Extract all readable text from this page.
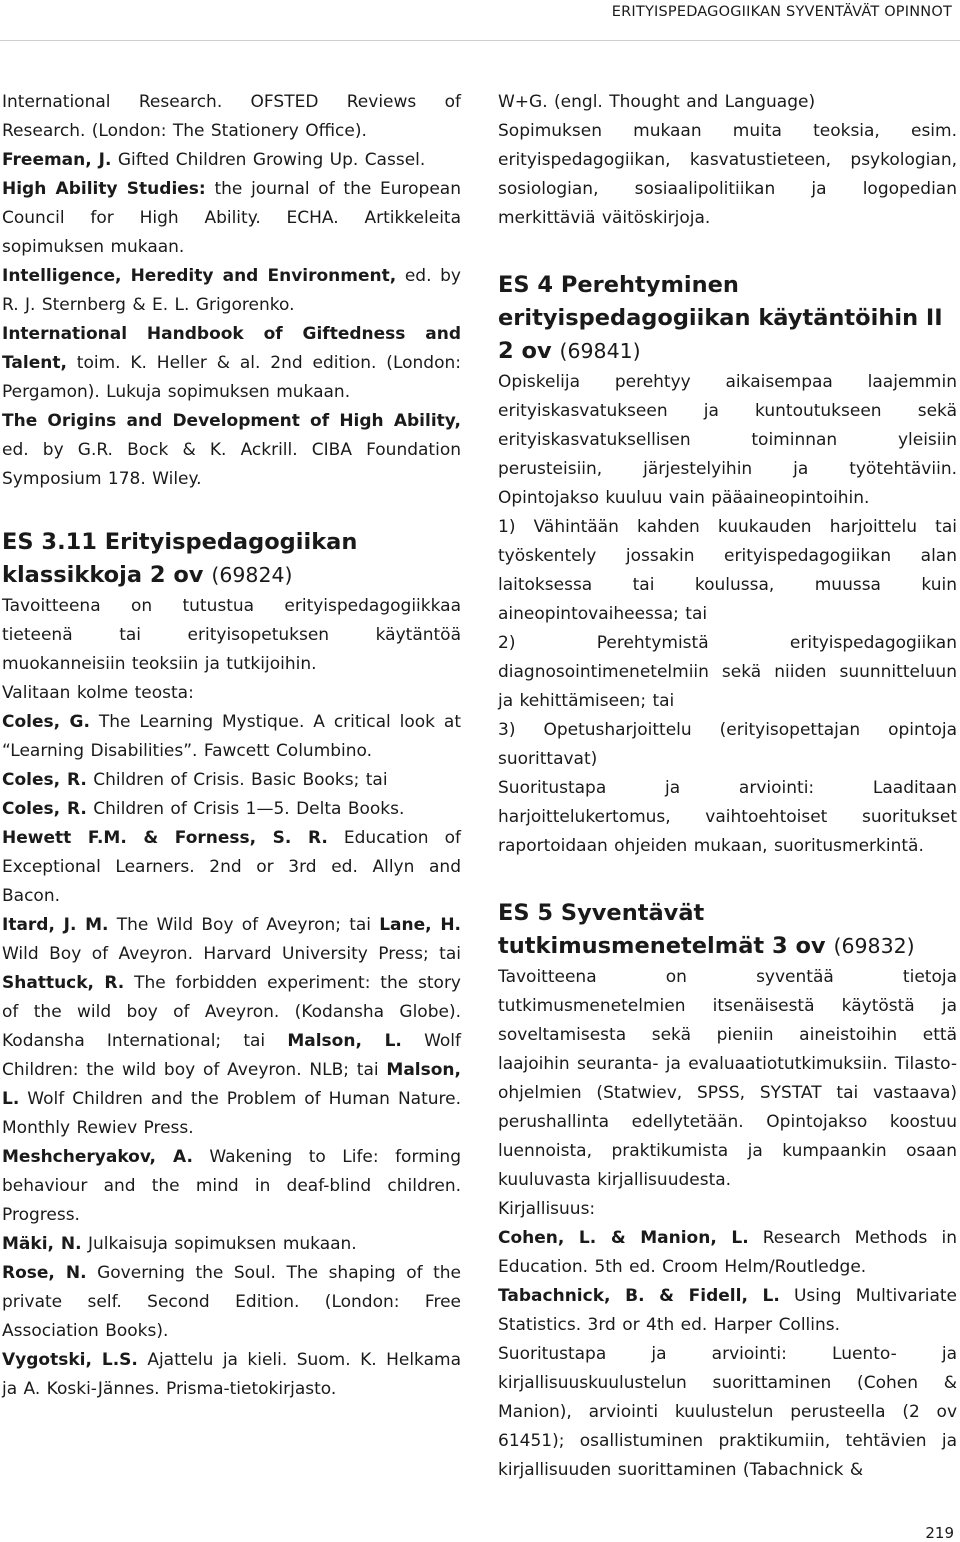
ERITYISPEDAGOGIIKAN SYVENTÄVÄT OPINNOT

International Research. OFSTED Reviews of Research. (London: The Stationery Office).

Freeman, J. Gifted Children Growing Up. Cassel.

High Ability Studies: the journal of the European Council for High Ability. ECHA. Artikkeleita sopimuksen mukaan.

Intelligence, Heredity and Environment, ed. by R. J. Sternberg & E. L. Grigorenko.

International Handbook of Giftedness and Talent, toim. K. Heller & al. 2nd edition. (London: Pergamon). Lukuja sopimuksen mukaan.

The Origins and Development of High Ability, ed. by G.R. Bock & K. Ackrill. CIBA Foundation Symposium 178. Wiley.

ES 3.11 Erityispedagogiikan klassikkoja 2 ov (69824)

Tavoitteena on tutustua erityispedagogiikkaa tieteenä tai erityisopetuksen käytäntöä muokanneisiin teoksiin ja tutkijoihin.

Valitaan kolme teosta:

Coles, G. The Learning Mystique. A critical look at “Learning Disabilities”. Fawcett Columbino.

Coles, R. Children of Crisis. Basic Books; tai

Coles, R. Children of Crisis 1—5. Delta Books.

Hewett F.M. & Forness, S. R. Education of Exceptional Learners. 2nd or 3rd ed. Allyn and Bacon.

Itard, J. M. The Wild Boy of Aveyron; tai Lane, H. Wild Boy of Aveyron. Harvard University Press; tai Shattuck, R. The forbidden experiment: the story of the wild boy of Aveyron. (Kodansha Globe). Kodansha International; tai Malson, L. Wolf Children: the wild boy of Aveyron. NLB; tai Malson, L. Wolf Children and the Problem of Human Nature. Monthly Rewiev Press.

Meshcheryakov, A. Wakening to Life: forming behaviour and the mind in deaf-blind children. Progress.

Mäki, N. Julkaisuja sopimuksen mukaan.

Rose, N. Governing the Soul. The shaping of the private self. Second Edition. (London: Free Association Books).

Vygotski, L.S. Ajattelu ja kieli. Suom. K. Helkama ja A. Koski-Jännes. Prisma-tietokirjasto.

W+G. (engl. Thought and Language)

Sopimuksen mukaan muita teoksia, esim. erityispedagogiikan, kasvatustieteen, psykologian, sosiologian, sosiaalipolitiikan ja logopedian merkittäviä väitöskirjoja.

ES 4 Perehtyminen erityispedagogiikan käytäntöihin II 2 ov (69841)

Opiskelija perehtyy aikaisempaa laajemmin erityiskasvatukseen ja kuntoutukseen sekä erityiskasvatuksellisen toiminnan yleisiin perusteisiin, järjestelyihin ja työtehtäviin. Opintojakso kuuluu vain pääaineopintoihin.

1) Vähintään kahden kuukauden harjoittelu tai työskentely jossakin erityispedagogiikan alan laitoksessa tai koulussa, muussa kuin aineopintovaiheessa; tai

2) Perehtymistä erityispedagogiikan diagnosointimenetelmiin sekä niiden suunnitteluun ja kehittämiseen; tai

3) Opetusharjoittelu (erityisopettajan opintoja suorittavat)

Suoritustapa ja arviointi: Laaditaan harjoittelukertomus, vaihtoehtoiset suoritukset raportoidaan ohjeiden mukaan, suoritusmerkintä.

ES 5 Syventävät tutkimusmenetelmät 3 ov (69832)

Tavoitteena on syventää tietoja tutkimusmenetelmien itsenäisestä käytöstä ja soveltamisesta sekä pieniin aineistoihin että laajoihin seuranta- ja evaluaatiotutkimuksiin. Tilasto-ohjelmien (Statwiev, SPSS, SYSTAT tai vastaava) perushallinta edellytetään. Opintojakso koostuu luennoista, praktikumista ja kumpaankin osaan kuuluvasta kirjallisuudesta.

Kirjallisuus:

Cohen, L. & Manion, L. Research Methods in Education. 5th ed. Croom Helm/Routledge.

Tabachnick, B. & Fidell, L. Using Multivariate Statistics. 3rd or 4th ed. Harper Collins.

Suoritustapa ja arviointi: Luento- ja kirjallisuuskuulustelun suorittaminen (Cohen & Manion), arviointi kuulustelun perusteella (2 ov 61451); osallistuminen praktikumiin, tehtävien ja kirjallisuuden suorittaminen (Tabachnick &

219
